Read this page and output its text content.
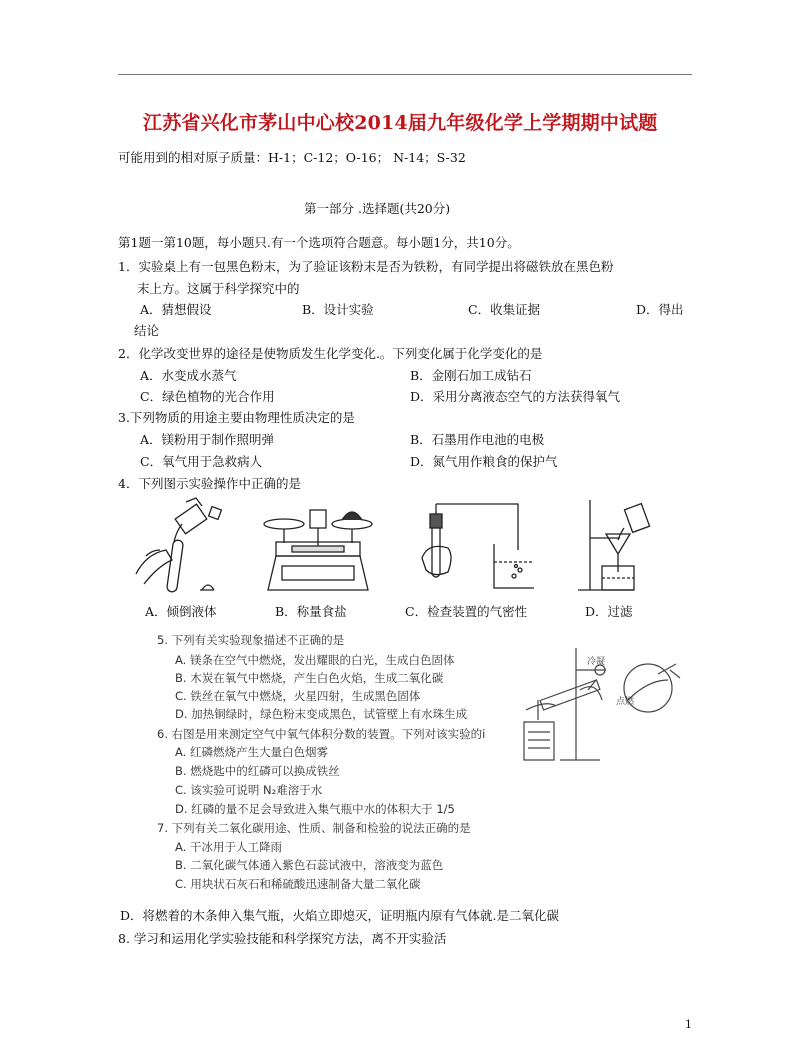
江苏省兴化市茅山中心校2014届九年级化学上学期期中试题
可能用到的相对原子质量：H-1；C-12；O-16； N-14；S-32
第一部分 .选择题(共20分)
第1题一第10题，每小题只.有一个选项符合题意。每小题1分，共10分。
1．实验桌上有一包黑色粉末，为了验证该粉末是否为铁粉，有同学提出将磁铁放在黑色粉
末上方。这属于科学探究中的
A．猜想假设	B．设计实验	C．收集证据	D．得出
结论
2．化学改变世界的途径是使物质发生化学变化.。下列变化属于化学变化的是
A．水变成水蒸气	B．金刚石加工成钻石
C．绿色植物的光合作用	D．采用分离液态空气的方法获得氧气
3.下列物质的用途主要由物理性质决定的是
A．镁粉用于制作照明弹	B．石墨用作电池的电极
C．氧气用于急救病人	D．氮气用作粮食的保护气
4．下列图示实验操作中正确的是
A．倾倒液体	B．称量食盐	C．检查装置的气密性	D．过滤
5. 下列有关实验现象描述不正确的是
A. 镁条在空气中燃烧，发出耀眼的白光，生成白色固体
B. 木炭在氧气中燃烧，产生白色火焰，生成二氧化碳
C. 铁丝在氧气中燃烧，火星四射，生成黑色固体
D. 加热铜绿时，绿色粉末变成黑色，试管壁上有水珠生成
6. 右图是用来测定空气中氧气体积分数的装置。下列对该实验的i
A. 红磷燃烧产生大量白色烟雾
B. 燃烧匙中的红磷可以换成铁丝
C. 该实验可说明 N₂难溶于水
D. 红磷的量不足会导致进入集气瓶中水的体积大于 1/5
冷凝
点燃
7. 下列有关二氧化碳用途、性质、制备和检验的说法正确的是
A. 干冰用于人工降雨
B. 二氧化碳气体通入紫色石蕊试液中，溶液变为蓝色
C. 用块状石灰石和稀硫酸迅速制备大量二氧化碳
D．将燃着的木条伸入集气瓶，火焰立即熄灭，证明瓶内原有气体就.是二氧化碳
8. 学习和运用化学实验技能和科学探究方法，离不开实验活
1
